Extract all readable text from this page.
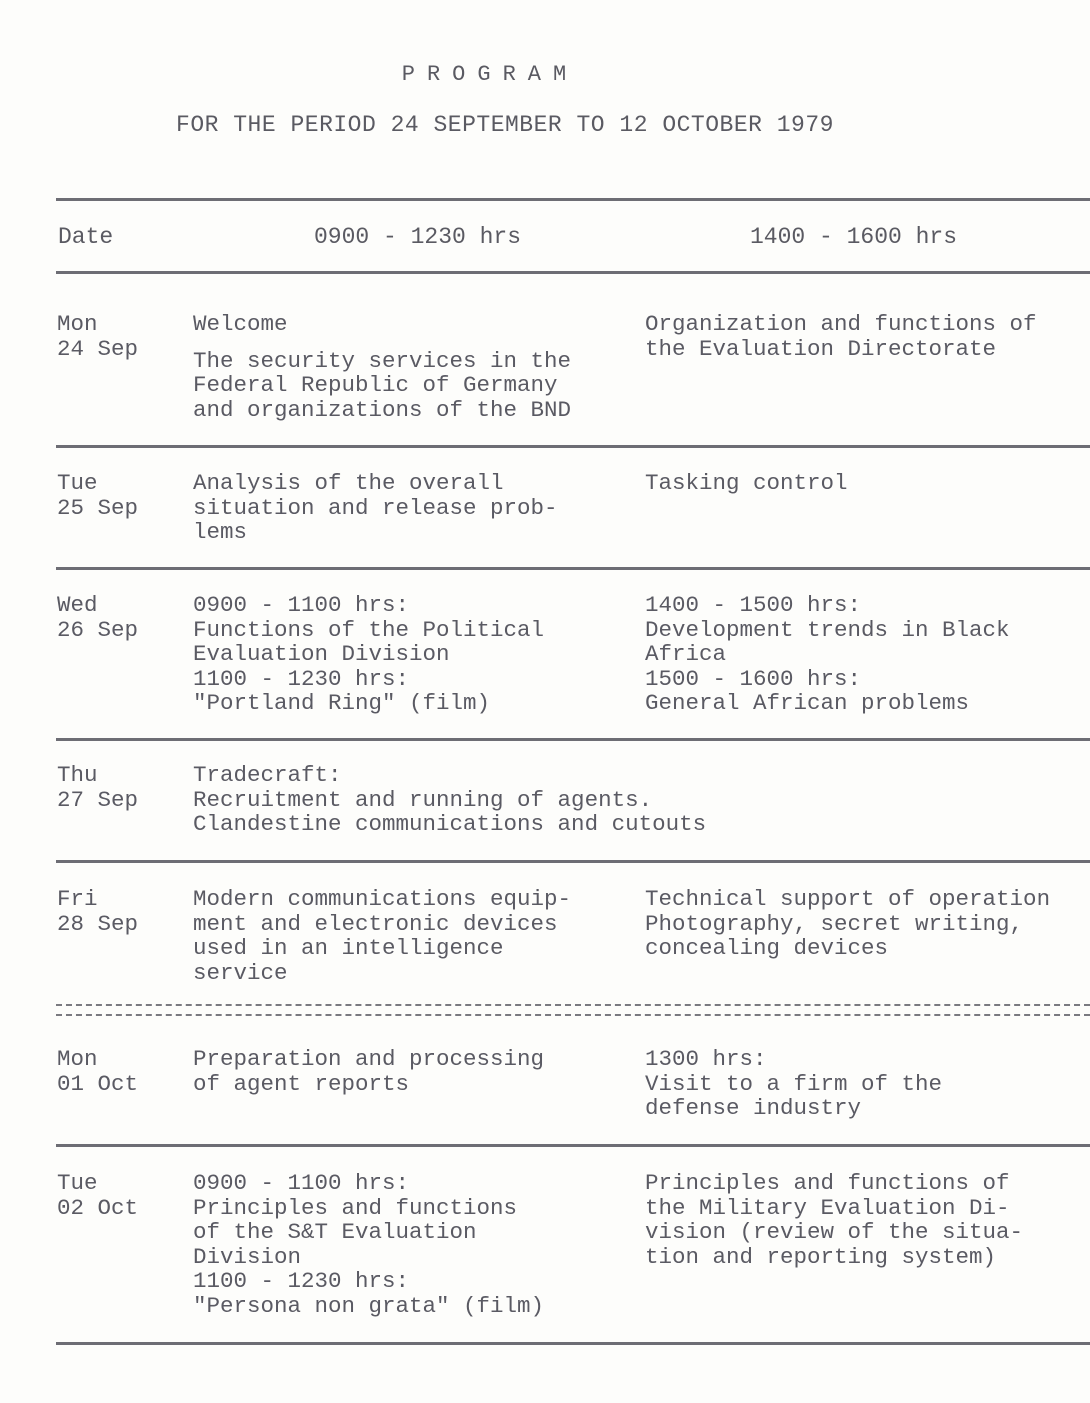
PROGRAM
FOR THE PERIOD 24 SEPTEMBER TO 12 OCTOBER 1979
Date	0900 - 1230 hrs	1400 - 1600 hrs
Mon
24 Sep
Welcome
The security services in the
Federal Republic of Germany
and organizations of the BND
Organization and functions of
the Evaluation Directorate
Tue
25 Sep
Analysis of the overall
situation and release prob-
lems
Tasking control
Wed
26 Sep
0900 - 1100 hrs:
Functions of the Political
Evaluation Division
1100 - 1230 hrs:
"Portland Ring" (film)
1400 - 1500 hrs:
Development trends in Black
Africa
1500 - 1600 hrs:
General African problems
Thu
27 Sep
Tradecraft:
Recruitment and running of agents.
Clandestine communications and cutouts
Fri
28 Sep
Modern communications equip-
ment and electronic devices
used in an intelligence
service
Technical support of operation
Photography, secret writing,
concealing devices
Mon
01 Oct
Preparation and processing
of agent reports
1300 hrs:
Visit to a firm of the
defense industry
Tue
02 Oct
0900 - 1100 hrs:
Principles and functions
of the S&T Evaluation
Division
1100 - 1230 hrs:
"Persona non grata" (film)
Principles and functions of
the Military Evaluation Di-
vision (review of the situa-
tion and reporting system)
